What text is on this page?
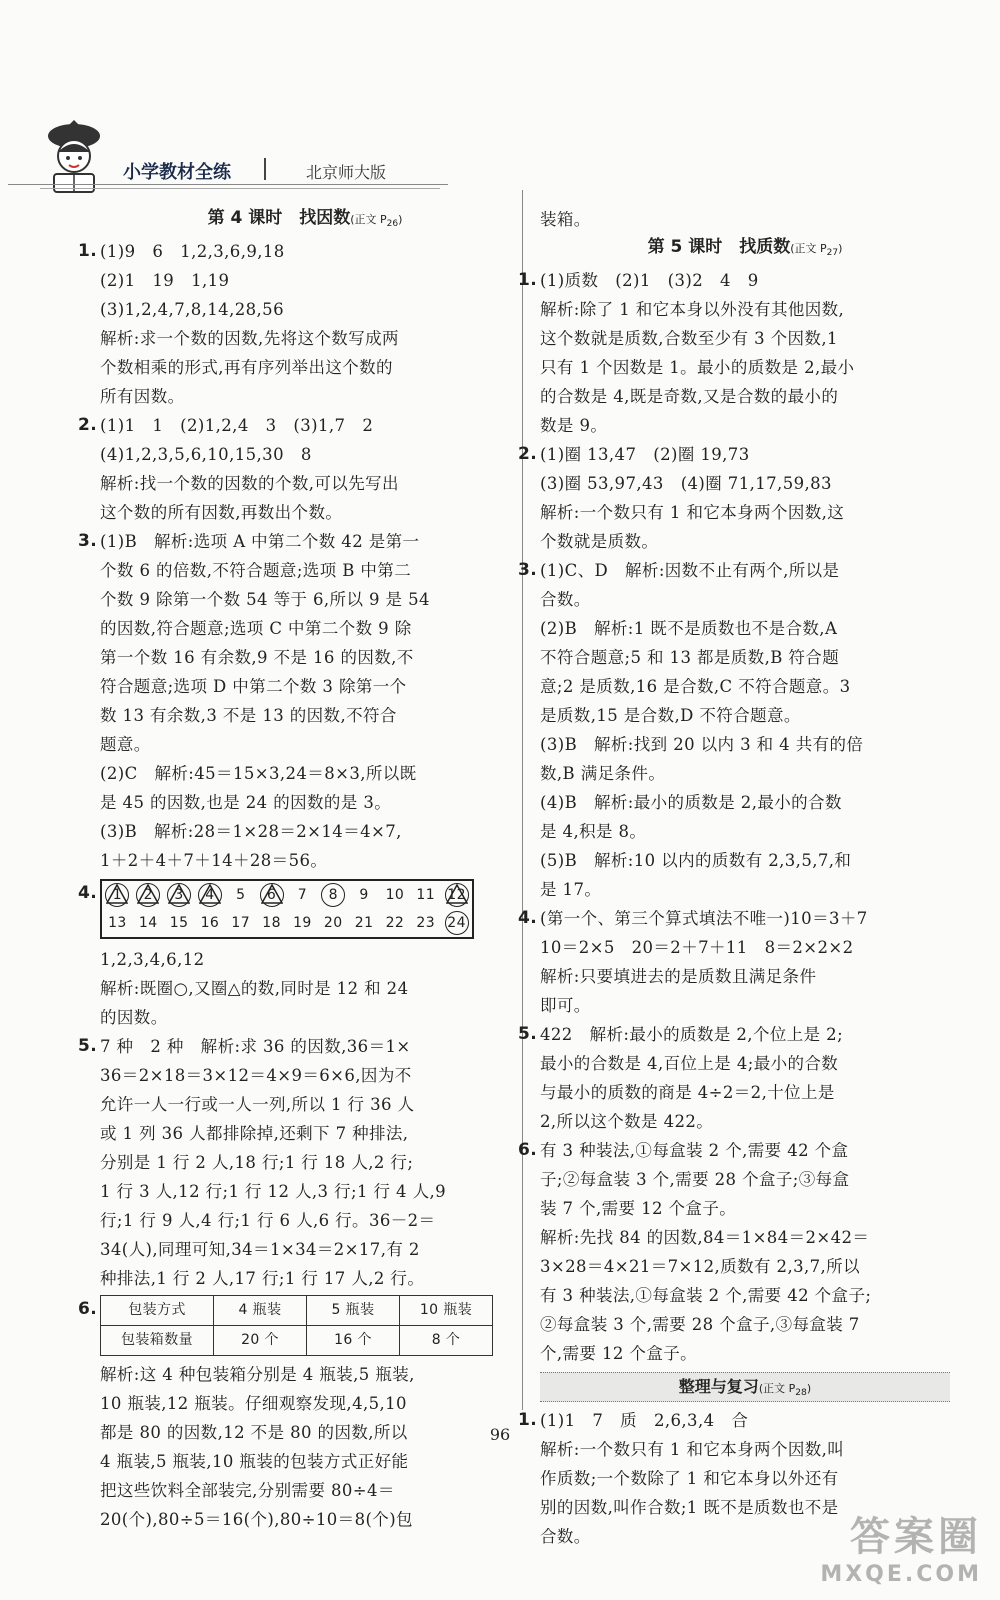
小学教材全练	北京师大版
第 4 课时　找因数(正文 $P_{26}$)
1. (1)9　6　1,2,3,6,9,18
(2)1　19　1,19
(3)1,2,4,7,8,14,28,56
解析:求一个数的因数,先将这个数写成两
个数相乘的形式,再有序列举出这个数的
所有因数。
2. (1)1　1　(2)1,2,4　3　(3)1,7　2
(4)1,2,3,5,6,10,15,30　8
解析:找一个数的因数的个数,可以先写出
这个数的所有因数,再数出个数。
3. (1)B　解析:选项 A 中第二个数 42 是第一
个数 6 的倍数,不符合题意;选项 B 中第二
个数 9 除第一个数 54 等于 6,所以 9 是 54
的因数,符合题意;选项 C 中第二个数 9 除
第一个数 16 有余数,9 不是 16 的因数,不
符合题意;选项 D 中第二个数 3 除第一个
数 13 有余数,3 不是 13 的因数,不符合
题意。
(2)C　解析:45＝15×3,24＝8×3,所以既
是 45 的因数,也是 24 的因数的是 3。
(3)B　解析:28＝1×28＝2×14＝4×7,
1＋2＋4＋7＋14＋28＝56。
4.	1	2	3	4	5	6	7	8	9	10 11 12
13 14 15 16 17 18 19 20 21 22 23 24
1,2,3,4,6,12
解析:既圈○,又圈△的数,同时是 12 和 24
的因数。
5. 7 种　2 种　解析:求 36 的因数,36＝1×
36＝2×18＝3×12＝4×9＝6×6,因为不
允许一人一行或一人一列,所以 1 行 36 人
或 1 列 36 人都排除掉,还剩下 7 种排法,
分别是 1 行 2 人,18 行;1 行 18 人,2 行;
1 行 3 人,12 行;1 行 12 人,3 行;1 行 4 人,9
行;1 行 9 人,4 行;1 行 6 人,6 行。36－2＝
34(人),同理可知,34＝1×34＝2×17,有 2
种排法,1 行 2 人,17 行;1 行 17 人,2 行。
6. 包装方式	4 瓶装	5 瓶装	10 瓶装
包装箱数量	20 个	16 个	8 个
解析:这 4 种包装箱分别是 4 瓶装,5 瓶装,
10 瓶装,12 瓶装。仔细观察发现,4,5,10
都是 80 的因数,12 不是 80 的因数,所以
4 瓶装,5 瓶装,10 瓶装的包装方式正好能
把这些饮料全部装完,分别需要 80÷4＝
20(个),80÷5＝16(个),80÷10＝8(个)包
装箱。
第 5 课时　找质数(正文 $P_{27}$)
1. (1)质数　(2)1　(3)2　4　9
解析:除了 1 和它本身以外没有其他因数,
这个数就是质数,合数至少有 3 个因数,1
只有 1 个因数是 1。最小的质数是 2,最小
的合数是 4,既是奇数,又是合数的最小的
数是 9。
2. (1)圈 13,47　(2)圈 19,73
(3)圈 53,97,43　(4)圈 71,17,59,83
解析:一个数只有 1 和它本身两个因数,这
个数就是质数。
3. (1)C、D　解析:因数不止有两个,所以是
合数。
(2)B　解析:1 既不是质数也不是合数,A
不符合题意;5 和 13 都是质数,B 符合题
意;2 是质数,16 是合数,C 不符合题意。3
是质数,15 是合数,D 不符合题意。
(3)B　解析:找到 20 以内 3 和 4 共有的倍
数,B 满足条件。
(4)B　解析:最小的质数是 2,最小的合数
是 4,积是 8。
(5)B　解析:10 以内的质数有 2,3,5,7,和
是 17。
4. (第一个、第三个算式填法不唯一)10＝3＋7
10＝2×5　20＝2＋7＋11　8＝2×2×2
解析:只要填进去的是质数且满足条件
即可。
5. 422　解析:最小的质数是 2,个位上是 2;
最小的合数是 4,百位上是 4;最小的合数
与最小的质数的商是 4÷2＝2,十位上是
2,所以这个数是 422。
6. 有 3 种装法,①每盒装 2 个,需要 42 个盒
子;②每盒装 3 个,需要 28 个盒子;③每盒
装 7 个,需要 12 个盒子。
解析:先找 84 的因数,84＝1×84＝2×42＝
3×28＝4×21＝7×12,质数有 2,3,7,所以
有 3 种装法,①每盒装 2 个,需要 42 个盒子;
②每盒装 3 个,需要 28 个盒子,③每盒装 7
个,需要 12 个盒子。
整理与复习(正文 $P_{28}$)
1. (1)1　7　质　2,6,3,4　合
解析:一个数只有 1 和它本身两个因数,叫
作质数;一个数除了 1 和它本身以外还有
别的因数,叫作合数;1 既不是质数也不是
合数。
96
答案圈
MXQE.COM
